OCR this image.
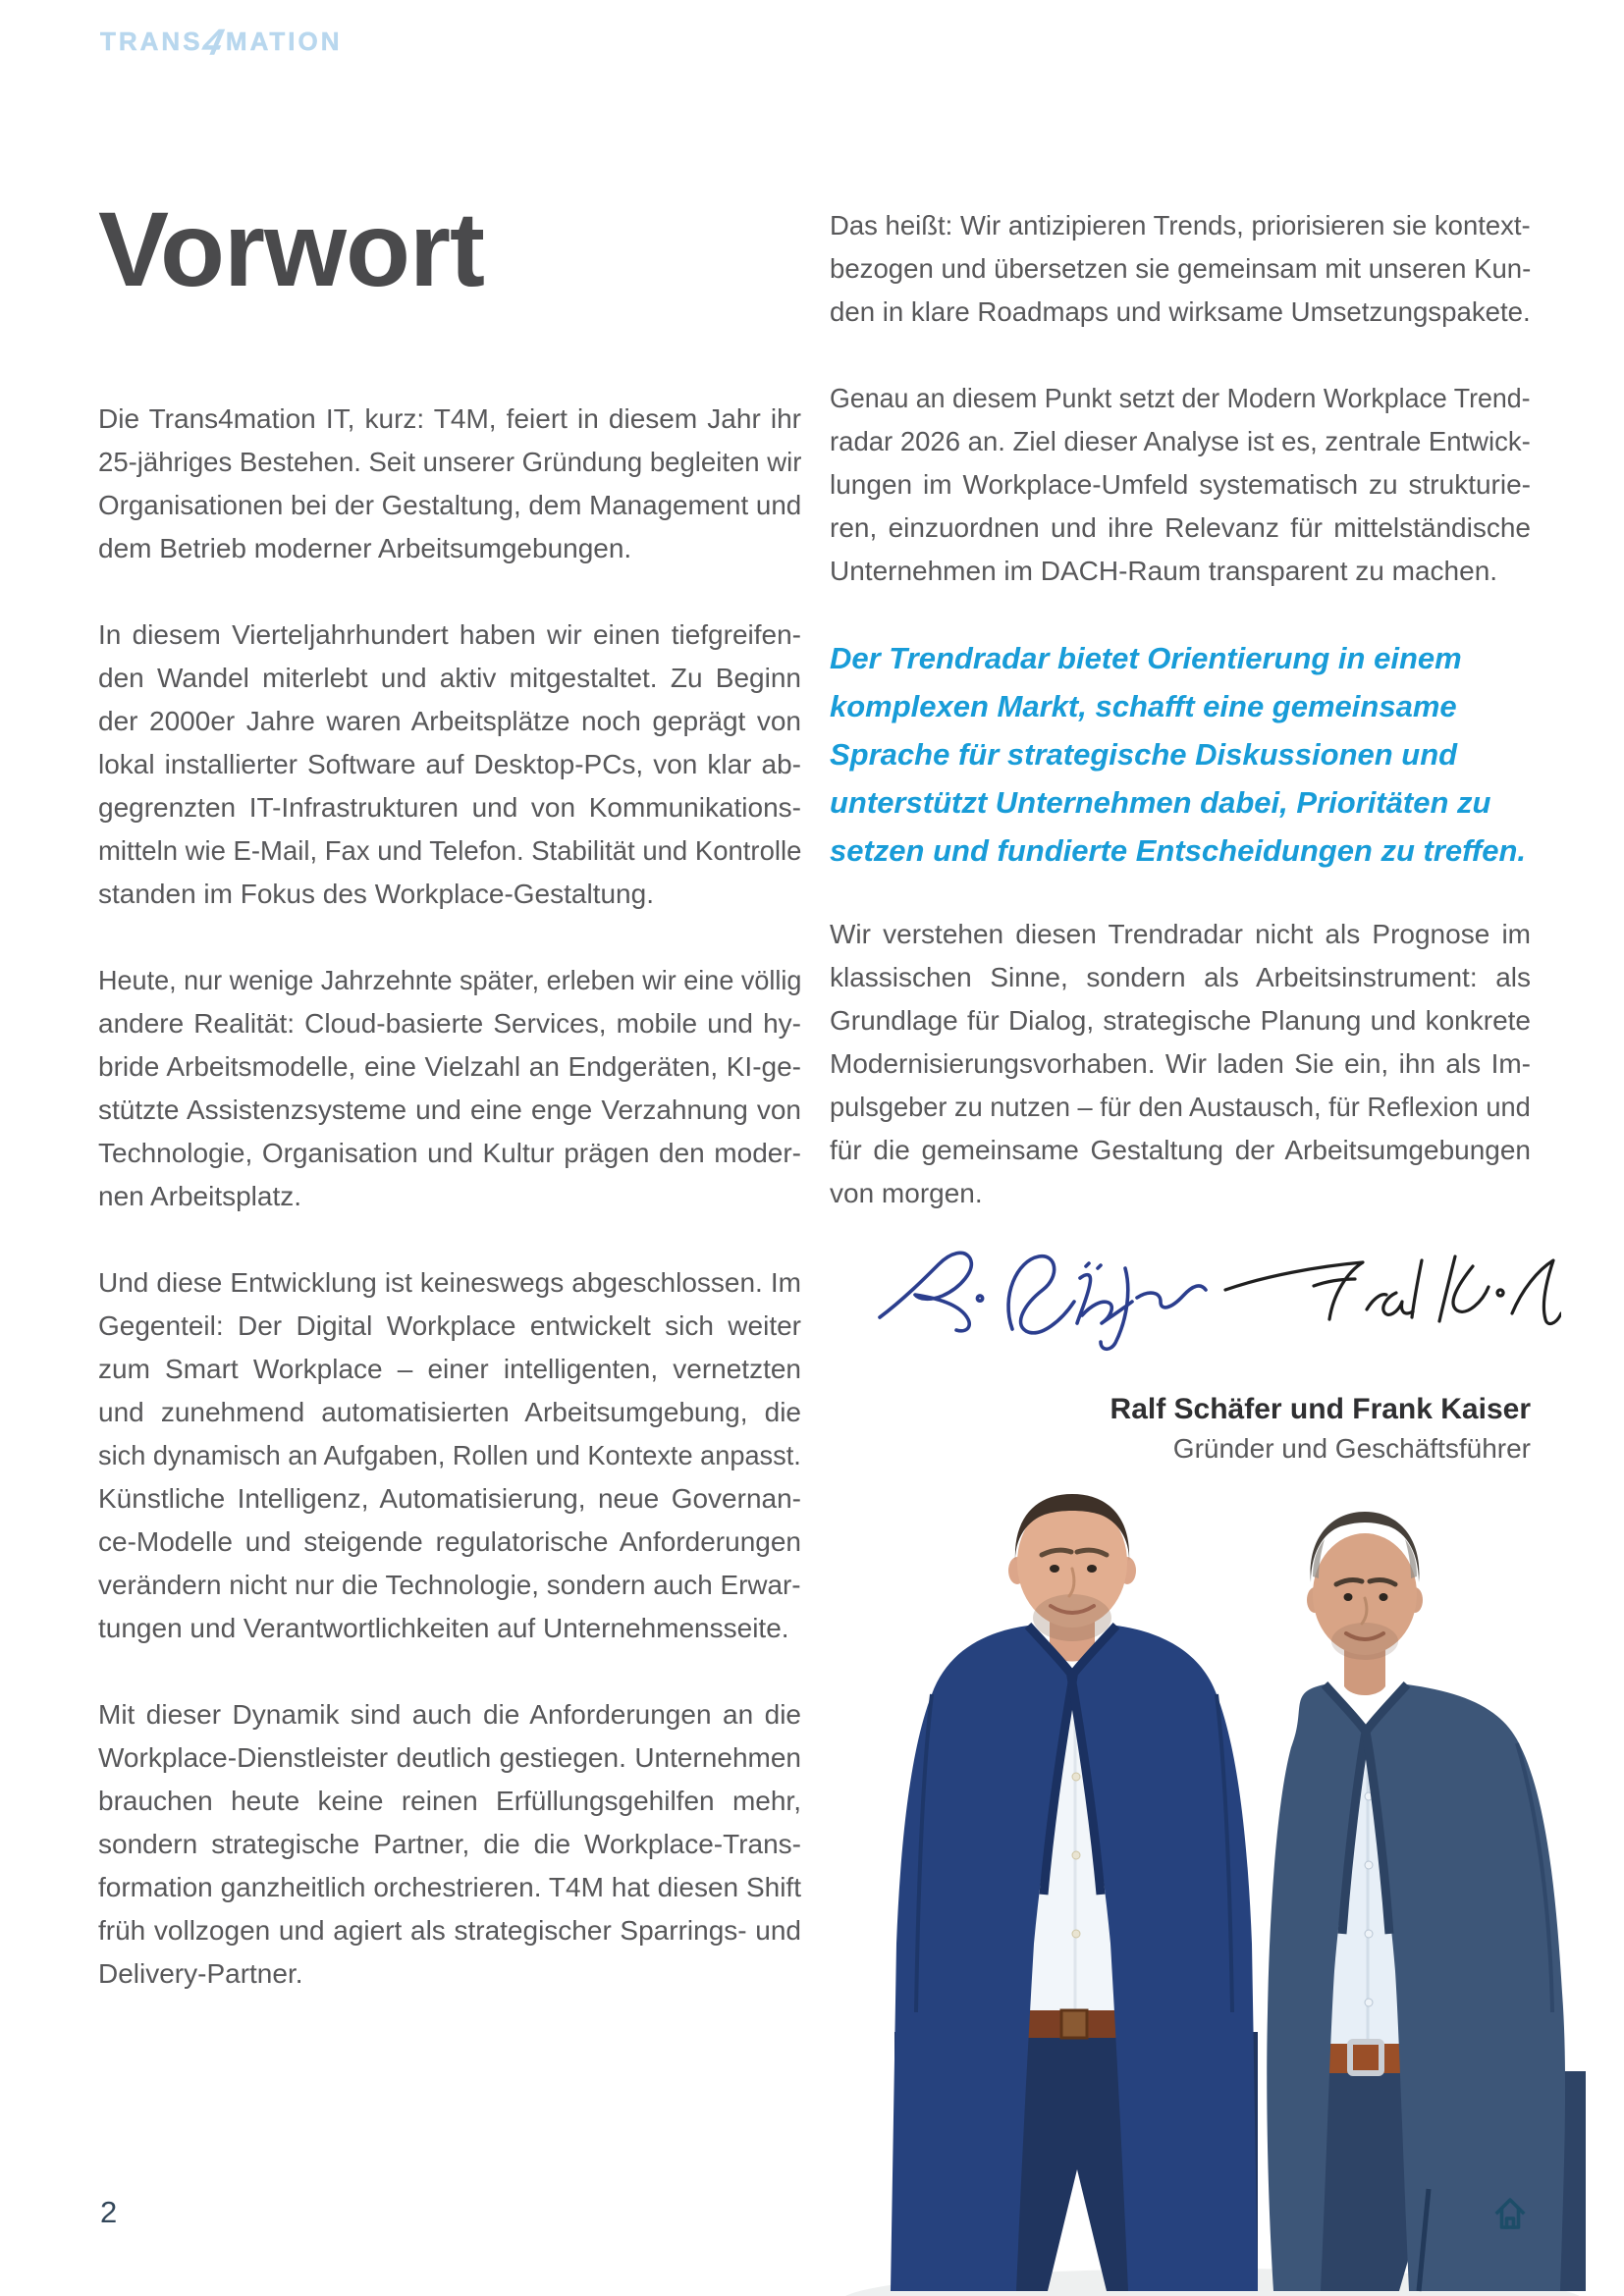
TRANS4MATION
Vorwort
Die Trans4mation IT, kurz: T4M, feiert in diesem Jahr ihr
25-jähriges Bestehen. Seit unserer Gründung begleiten wir
Organisationen bei der Gestaltung, dem Management und
dem Betrieb moderner Arbeitsumgebungen.
In diesem Vierteljahrhundert haben wir einen tiefgreifen-
den Wandel miterlebt und aktiv mitgestaltet. Zu Beginn
der 2000er Jahre waren Arbeitsplätze noch geprägt von
lokal installierter Software auf Desktop-PCs, von klar ab-
gegrenzten IT-Infrastrukturen und von Kommunikations-
mitteln wie E-Mail, Fax und Telefon. Stabilität und Kontrolle
standen im Fokus des Workplace-Gestaltung.
Heute, nur wenige Jahrzehnte später, erleben wir eine völlig
andere Realität: Cloud-basierte Services, mobile und hy-
bride Arbeitsmodelle, eine Vielzahl an Endgeräten, KI-ge-
stützte Assistenzsysteme und eine enge Verzahnung von
Technologie, Organisation und Kultur prägen den moder-
nen Arbeitsplatz.
Und diese Entwicklung ist keineswegs abgeschlossen. Im
Gegenteil: Der Digital Workplace entwickelt sich weiter
zum Smart Workplace – einer intelligenten, vernetzten
und zunehmend automatisierten Arbeitsumgebung, die
sich dynamisch an Aufgaben, Rollen und Kontexte anpasst.
Künstliche Intelligenz, Automatisierung, neue Governan-
ce-Modelle und steigende regulatorische Anforderungen
verändern nicht nur die Technologie, sondern auch Erwar-
tungen und Verantwortlichkeiten auf Unternehmensseite.
Mit dieser Dynamik sind auch die Anforderungen an die
Workplace-Dienstleister deutlich gestiegen. Unternehmen
brauchen heute keine reinen Erfüllungsgehilfen mehr,
sondern strategische Partner, die die Workplace-Trans-
formation ganzheitlich orchestrieren. T4M hat diesen Shift
früh vollzogen und agiert als strategischer Sparrings- und
Delivery-Partner.
Das heißt: Wir antizipieren Trends, priorisieren sie kontext-
bezogen und übersetzen sie gemeinsam mit unseren Kun-
den in klare Roadmaps und wirksame Umsetzungspakete.
Genau an diesem Punkt setzt der Modern Workplace Trend-
radar 2026 an. Ziel dieser Analyse ist es, zentrale Entwick-
lungen im Workplace-Umfeld systematisch zu strukturie-
ren, einzuordnen und ihre Relevanz für mittelständische
Unternehmen im DACH-Raum transparent zu machen.
Der Trendradar bietet Orientierung in einem
komplexen Markt, schafft eine gemeinsame
Sprache für strategische Diskussionen und
unterstützt Unternehmen dabei, Prioritäten zu
setzen und fundierte Entscheidungen zu treffen.
Wir verstehen diesen Trendradar nicht als Prognose im
klassischen Sinne, sondern als Arbeitsinstrument: als
Grundlage für Dialog, strategische Planung und konkrete
Modernisierungsvorhaben. Wir laden Sie ein, ihn als Im-
pulsgeber zu nutzen – für den Austausch, für Reflexion und
für die gemeinsame Gestaltung der Arbeitsumgebungen
von morgen.
Ralf Schäfer und Frank Kaiser
Gründer und Geschäftsführer
2
